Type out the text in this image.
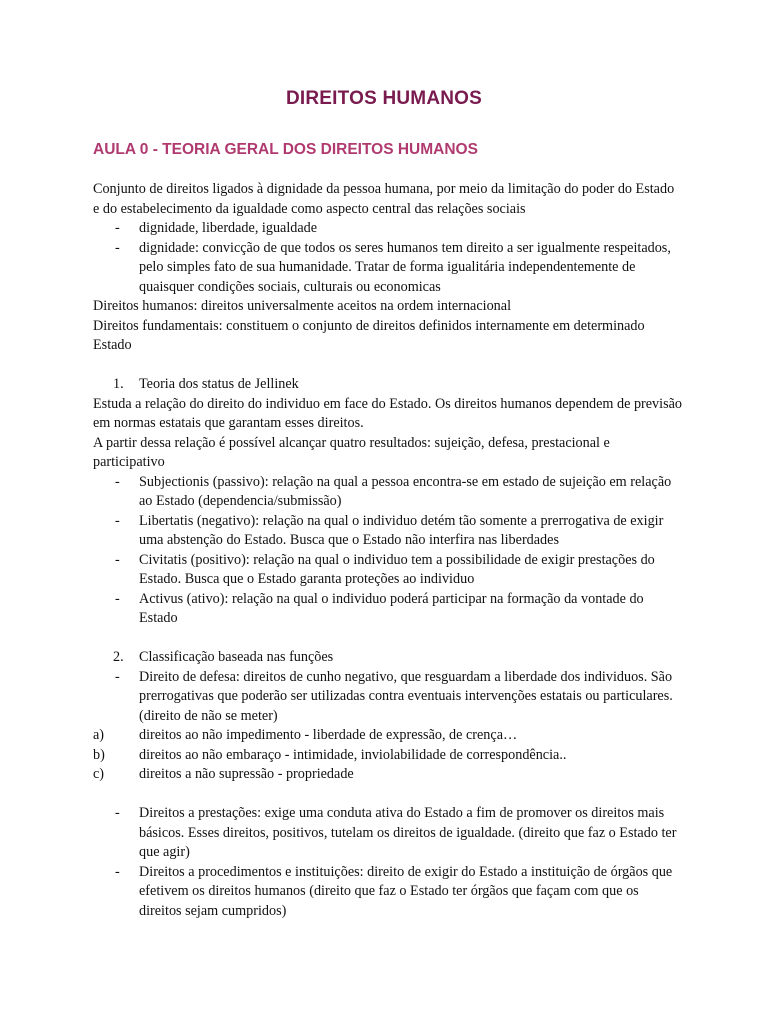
DIREITOS HUMANOS
AULA 0 - TEORIA GERAL DOS DIREITOS HUMANOS

Conjunto de direitos ligados à dignidade da pessoa humana, por meio da limitação do poder do Estado e do estabelecimento da igualdade como aspecto central das relações sociais

- dignidade, liberdade, igualdade
- dignidade: convicção de que todos os seres humanos tem direito a ser igualmente respeitados, pelo simples fato de sua humanidade. Tratar de forma igualitária independentemente de quaisquer condições sociais, culturais ou economicas

Direitos humanos: direitos universalmente aceitos na ordem internacional

Direitos fundamentais: constituem o conjunto de direitos definidos internamente em determinado Estado

1. Teoria dos status de Jellinek

Estuda a relação do direito do individuo em face do Estado. Os direitos humanos dependem de previsão em normas estatais que garantam esses direitos.

A partir dessa relação é possível alcançar quatro resultados: sujeição, defesa, prestacional e participativo

- Subjectionis (passivo): relação na qual a pessoa encontra-se em estado de sujeição em relação ao Estado (dependencia/submissão)
- Libertatis (negativo): relação na qual o individuo detém tão somente a prerrogativa de exigir uma abstenção do Estado. Busca que o Estado não interfira nas liberdades
- Civitatis (positivo): relação na qual o individuo tem a possibilidade de exigir prestações do Estado. Busca que o Estado garanta proteções ao individuo
- Activus (ativo): relação na qual o individuo poderá participar na formação da vontade do Estado
2. Classificação baseada nas funções
- Direito de defesa: direitos de cunho negativo, que resguardam a liberdade dos individuos. São prerrogativas que poderão ser utilizadas contra eventuais intervenções estatais ou particulares. (direito de não se meter)
a) direitos ao não impedimento - liberdade de expressão, de crença…
b) direitos ao não embaraço - intimidade, inviolabilidade de correspondência..
c) direitos a não supressão - propriedade
- Direitos a prestações: exige uma conduta ativa do Estado a fim de promover os direitos mais básicos. Esses direitos, positivos, tutelam os direitos de igualdade. (direito que faz o Estado ter que agir)
- Direitos a procedimentos e instituições: direito de exigir do Estado a instituição de órgãos que efetivem os direitos humanos (direito que faz o Estado ter órgãos que façam com que os direitos sejam cumpridos)
